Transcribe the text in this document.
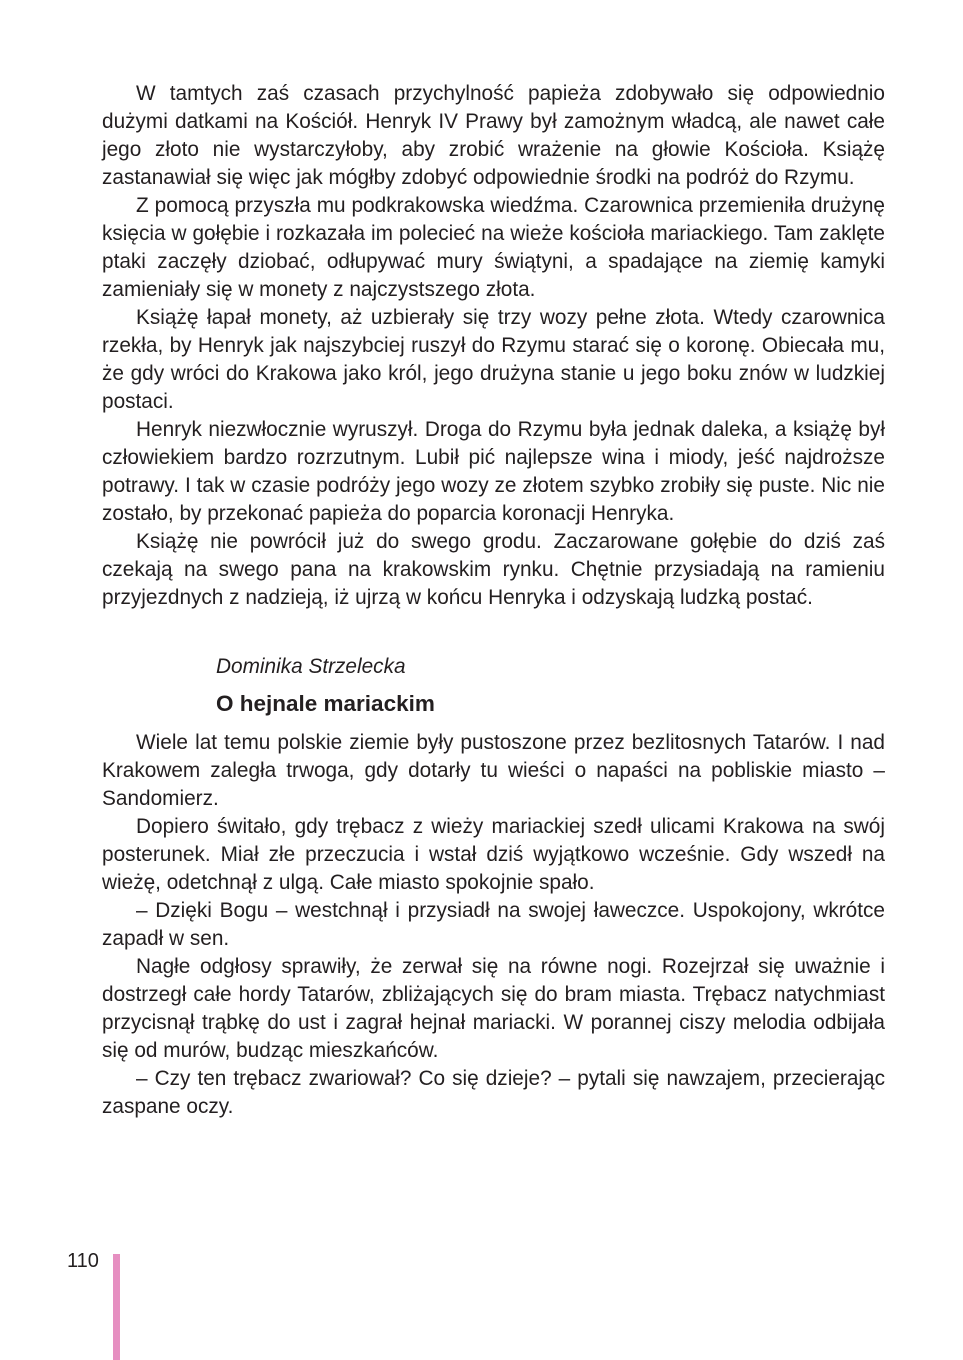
W tamtych zaś czasach przychylność papieża zdobywało się odpowiednio dużymi datkami na Kościół. Henryk IV Prawy był zamożnym władcą, ale nawet całe jego złoto nie wystarczyłoby, aby zrobić wrażenie na głowie Kościoła. Książę zastanawiał się więc jak mógłby zdobyć odpowiednie środki na podróż do Rzymu.

Z pomocą przyszła mu podkrakowska wiedźma. Czarownica przemieniła drużynę księcia w gołębie i rozkazała im polecieć na wieże kościoła mariackiego. Tam zaklęte ptaki zaczęły dziobać, odłupywać mury świątyni, a spadające na ziemię kamyki zamieniały się w monety z najczystszego złota.

Książę łapał monety, aż uzbierały się trzy wozy pełne złota. Wtedy czarownica rzekła, by Henryk jak najszybciej ruszył do Rzymu starać się o koronę. Obiecała mu, że gdy wróci do Krakowa jako król, jego drużyna stanie u jego boku znów w ludzkiej postaci.

Henryk niezwłocznie wyruszył. Droga do Rzymu była jednak daleka, a książę był człowiekiem bardzo rozrzutnym. Lubił pić najlepsze wina i miody, jeść najdroższe potrawy. I tak w czasie podróży jego wozy ze złotem szybko zrobiły się puste. Nic nie zostało, by przekonać papieża do poparcia koronacji Henryka.

Książę nie powrócił już do swego grodu. Zaczarowane gołębie do dziś zaś czekają na swego pana na krakowskim rynku. Chętnie przysiadają na ramieniu przyjezdnych z nadzieją, iż ujrzą w końcu Henryka i odzyskają ludzką postać.

Dominika Strzelecka
O hejnale mariackim

Wiele lat temu polskie ziemie były pustoszone przez bezlitosnych Tatarów. I nad Krakowem zaległa trwoga, gdy dotarły tu wieści o napaści na pobliskie miasto – Sandomierz.

Dopiero świtało, gdy trębacz z wieży mariackiej szedł ulicami Krakowa na swój posterunek. Miał złe przeczucia i wstał dziś wyjątkowo wcześnie. Gdy wszedł na wieżę, odetchnął z ulgą. Całe miasto spokojnie spało.

– Dzięki Bogu – westchnął i przysiadł na swojej ławeczce. Uspokojony, wkrótce zapadł w sen.

Nagłe odgłosy sprawiły, że zerwał się na równe nogi. Rozejrzał się uważnie i dostrzegł całe hordy Tatarów, zbliżających się do bram miasta. Trębacz natychmiast przycisnął trąbkę do ust i zagrał hejnał mariacki. W porannej ciszy melodia odbijała się od murów, budząc mieszkańców.

– Czy ten trębacz zwariował? Co się dzieje? – pytali się nawzajem, przecierając zaspane oczy.

110
